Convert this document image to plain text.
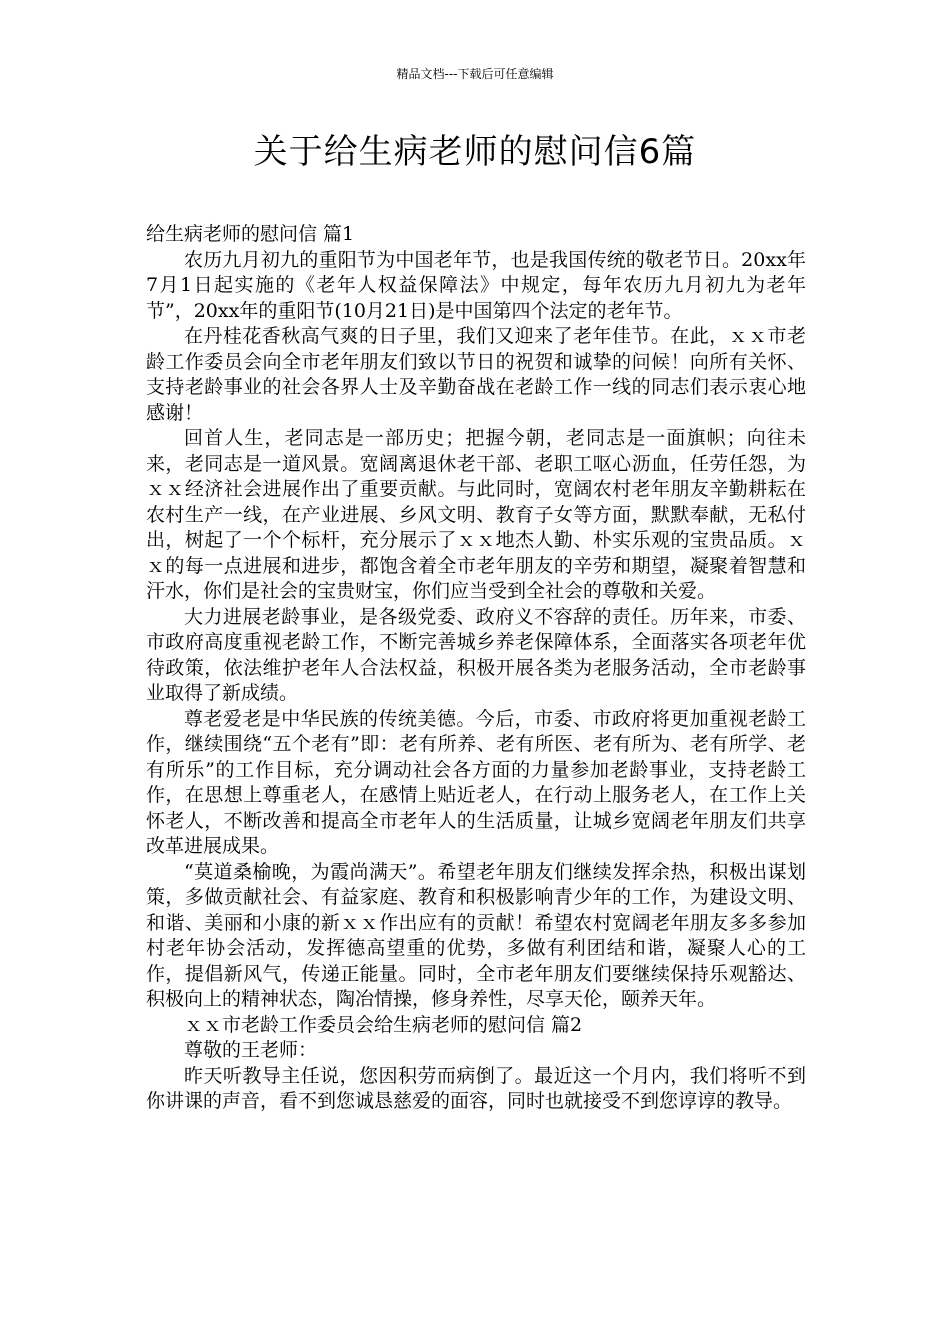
精品文档---下载后可任意编辑
关于给生病老师的慰问信6篇

给生病老师的慰问信 篇1

农历九月初九的重阳节为中国老年节，也是我国传统的敬老节日。20xx年7月1日起实施的《老年人权益保障法》中规定，每年农历九月初九为老年节”，20xx年的重阳节(10月21日)是中国第四个法定的老年节。

在丹桂花香秋高气爽的日子里，我们又迎来了老年佳节。在此，ｘｘ市老龄工作委员会向全市老年朋友们致以节日的祝贺和诚挚的问候！向所有关怀、支持老龄事业的社会各界人士及辛勤奋战在老龄工作一线的同志们表示衷心地感谢！

回首人生，老同志是一部历史；把握今朝，老同志是一面旗帜；向往未来，老同志是一道风景。宽阔离退休老干部、老职工呕心沥血，任劳任怨，为ｘｘ经济社会进展作出了重要贡献。与此同时，宽阔农村老年朋友辛勤耕耘在农村生产一线，在产业进展、乡风文明、教育子女等方面，默默奉献，无私付出，树起了一个个标杆，充分展示了ｘｘ地杰人勤、朴实乐观的宝贵品质。ｘｘ的每一点进展和进步，都饱含着全市老年朋友的辛劳和期望，凝聚着智慧和汗水，你们是社会的宝贵财宝，你们应当受到全社会的尊敬和关爱。

大力进展老龄事业，是各级党委、政府义不容辞的责任。历年来，市委、市政府高度重视老龄工作，不断完善城乡养老保障体系，全面落实各项老年优待政策，依法维护老年人合法权益，积极开展各类为老服务活动，全市老龄事业取得了新成绩。

尊老爱老是中华民族的传统美德。今后，市委、市政府将更加重视老龄工作，继续围绕“五个老有”即：老有所养、老有所医、老有所为、老有所学、老有所乐”的工作目标，充分调动社会各方面的力量参加老龄事业，支持老龄工作，在思想上尊重老人，在感情上贴近老人，在行动上服务老人，在工作上关怀老人，不断改善和提高全市老年人的生活质量，让城乡宽阔老年朋友们共享改革进展成果。

“莫道桑榆晚，为霞尚满天”。希望老年朋友们继续发挥余热，积极出谋划策，多做贡献社会、有益家庭、教育和积极影响青少年的工作，为建设文明、和谐、美丽和小康的新ｘｘ作出应有的贡献！希望农村宽阔老年朋友多多参加村老年协会活动，发挥德高望重的优势，多做有利团结和谐，凝聚人心的工作，提倡新风气，传递正能量。同时，全市老年朋友们要继续保持乐观豁达、积极向上的精神状态，陶冶情操，修身养性，尽享天伦，颐养天年。

ｘｘ市老龄工作委员会给生病老师的慰问信 篇2

尊敬的王老师：

昨天听教导主任说，您因积劳而病倒了。最近这一个月内，我们将听不到你讲课的声音，看不到您诚恳慈爱的面容，同时也就接受不到您谆谆的教导。
